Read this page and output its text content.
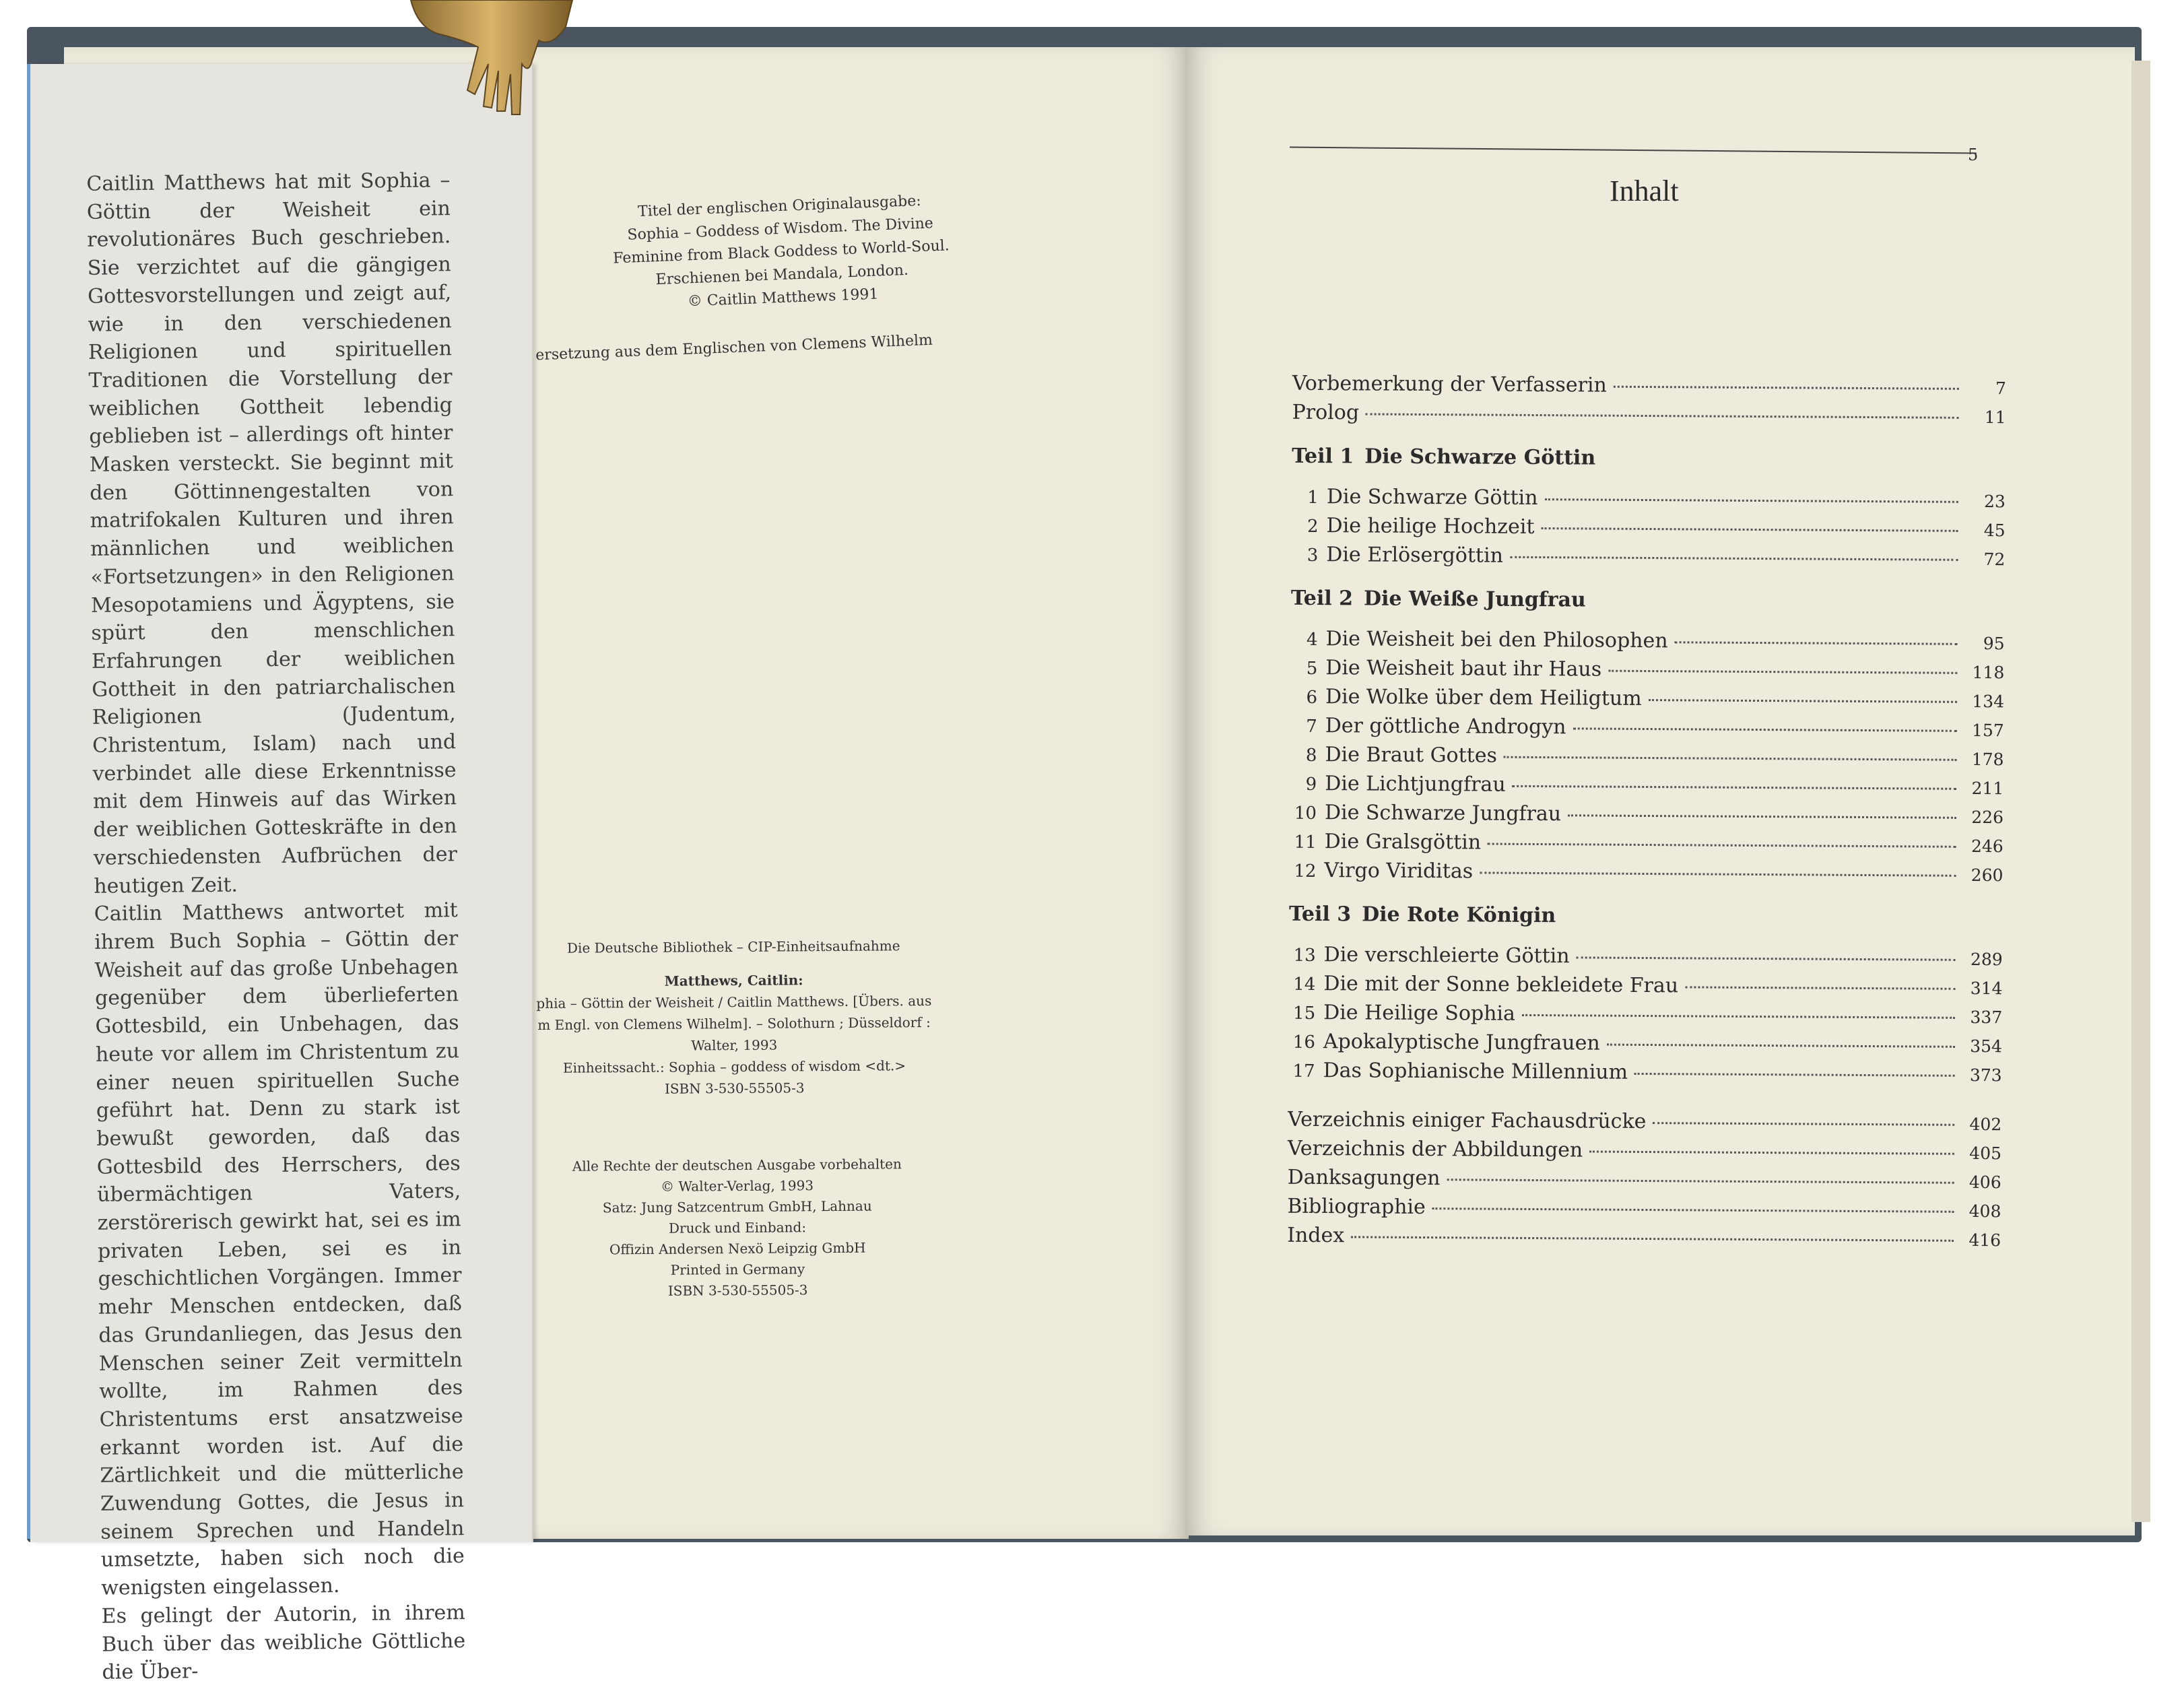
Caitlin Matthews hat mit Sophia – Göttin der Weisheit ein revolutionäres Buch geschrieben. Sie verzichtet auf die gängigen Gottesvorstellungen und zeigt auf, wie in den verschiedenen Religionen und spirituellen Traditionen die Vorstellung der weiblichen Gottheit lebendig geblieben ist – allerdings oft hinter Masken versteckt. Sie beginnt mit den Göttinnengestalten von matrifokalen Kulturen und ihren männlichen und weiblichen «Fortsetzungen» in den Religionen Mesopotamiens und Ägyptens, sie spürt den menschlichen Erfahrungen der weiblichen Gottheit in den patriarchalischen Religionen (Judentum, Christentum, Islam) nach und verbindet alle diese Erkenntnisse mit dem Hinweis auf das Wirken der weiblichen Gotteskräfte in den verschiedensten Aufbrüchen der heutigen Zeit.

Caitlin Matthews antwortet mit ihrem Buch Sophia – Göttin der Weisheit auf das große Unbehagen gegenüber dem überlieferten Gottesbild, ein Unbehagen, das heute vor allem im Christentum zu einer neuen spirituellen Suche geführt hat. Denn zu stark ist bewußt geworden, daß das Gottesbild des Herrschers, des übermächtigen Vaters, zerstörerisch gewirkt hat, sei es im privaten Leben, sei es in geschichtlichen Vorgängen. Immer mehr Menschen entdecken, daß das Grundanliegen, das Jesus den Menschen seiner Zeit vermitteln wollte, im Rahmen des Christentums erst ansatzweise erkannt worden ist. Auf die Zärtlichkeit und die mütterliche Zuwendung Gottes, die Jesus in seinem Sprechen und Handeln umsetzte, haben sich noch die wenigsten eingelassen.

Es gelingt der Autorin, in ihrem Buch über das weibliche Göttliche die Über-

Titel der englischen Originalausgabe:
Sophia – Goddess of Wisdom. The Divine
Feminine from Black Goddess to World-Soul.
Erschienen bei Mandala, London.
© Caitlin Matthews 1991
ersetzung aus dem Englischen von Clemens Wilhelm
Die Deutsche Bibliothek – CIP-Einheitsaufnahme
Matthews, Caitlin:
phia – Göttin der Weisheit / Caitlin Matthews. [Übers. aus
m Engl. von Clemens Wilhelm]. – Solothurn ; Düsseldorf :
Walter, 1993
Einheitssacht.: Sophia – goddess of wisdom <dt.>
ISBN 3-530-55505-3
Alle Rechte der deutschen Ausgabe vorbehalten
© Walter-Verlag, 1993
Satz: Jung Satzcentrum GmbH, Lahnau
Druck und Einband:
Offizin Andersen Nexö Leipzig GmbH
Printed in Germany
ISBN 3-530-55505-3
5
Inhalt
Vorbemerkung der Verfasserin	7
Prolog	11
Teil 1 Die Schwarze Göttin
1 Die Schwarze Göttin	23
2 Die heilige Hochzeit	45
3 Die Erlösergöttin	72
Teil 2 Die Weiße Jungfrau
4 Die Weisheit bei den Philosophen	95
5 Die Weisheit baut ihr Haus	118
6 Die Wolke über dem Heiligtum	134
7 Der göttliche Androgyn	157
8 Die Braut Gottes	178
9 Die Lichtjungfrau	211
10 Die Schwarze Jungfrau	226
11 Die Gralsgöttin	246
12 Virgo Viriditas	260
Teil 3 Die Rote Königin
13 Die verschleierte Göttin	289
14 Die mit der Sonne bekleidete Frau	314
15 Die Heilige Sophia	337
16 Apokalyptische Jungfrauen	354
17 Das Sophianische Millennium	373
Verzeichnis einiger Fachausdrücke	402
Verzeichnis der Abbildungen	405
Danksagungen	406
Bibliographie	408
Index	416
